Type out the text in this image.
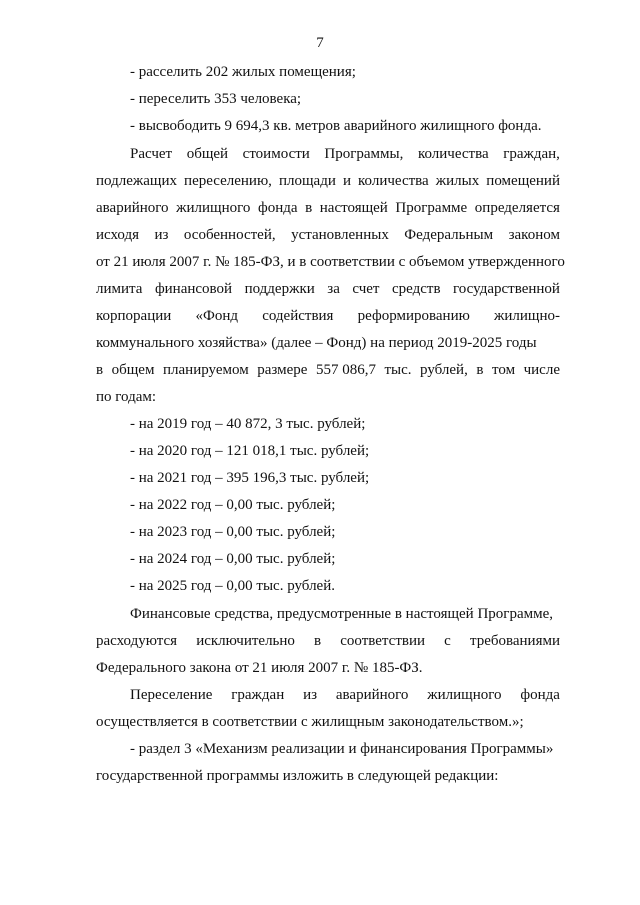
7
- расселить 202 жилых помещения;
- переселить 353 человека;
- высвободить 9 694,3 кв. метров аварийного жилищного фонда.
Расчет общей стоимости Программы, количества граждан,
подлежащих переселению, площади и количества жилых помещений
аварийного жилищного фонда в настоящей Программе определяется
исходя из особенностей, установленных Федеральным законом
от 21 июля 2007 г. № 185-ФЗ, и в соответствии с объемом утвержденного
лимита финансовой поддержки за счет средств государственной
корпорации «Фонд содействия реформированию жилищно-
коммунального хозяйства» (далее – Фонд) на период 2019-2025 годы
в общем планируемом размере 557 086,7 тыс. рублей, в том числе
по годам:
- на 2019 год – 40 872, 3 тыс. рублей;
- на 2020 год – 121 018,1 тыс. рублей;
- на 2021 год – 395 196,3 тыс. рублей;
- на 2022 год – 0,00 тыс. рублей;
- на 2023 год – 0,00 тыс. рублей;
- на 2024 год – 0,00 тыс. рублей;
- на 2025 год – 0,00 тыс. рублей.
Финансовые средства, предусмотренные в настоящей Программе,
расходуются исключительно в соответствии с требованиями
Федерального закона от 21 июля 2007 г. № 185-ФЗ.
Переселение граждан из аварийного жилищного фонда
осуществляется в соответствии с жилищным законодательством.»;
- раздел 3 «Механизм реализации и финансирования Программы»
государственной программы изложить в следующей редакции:
